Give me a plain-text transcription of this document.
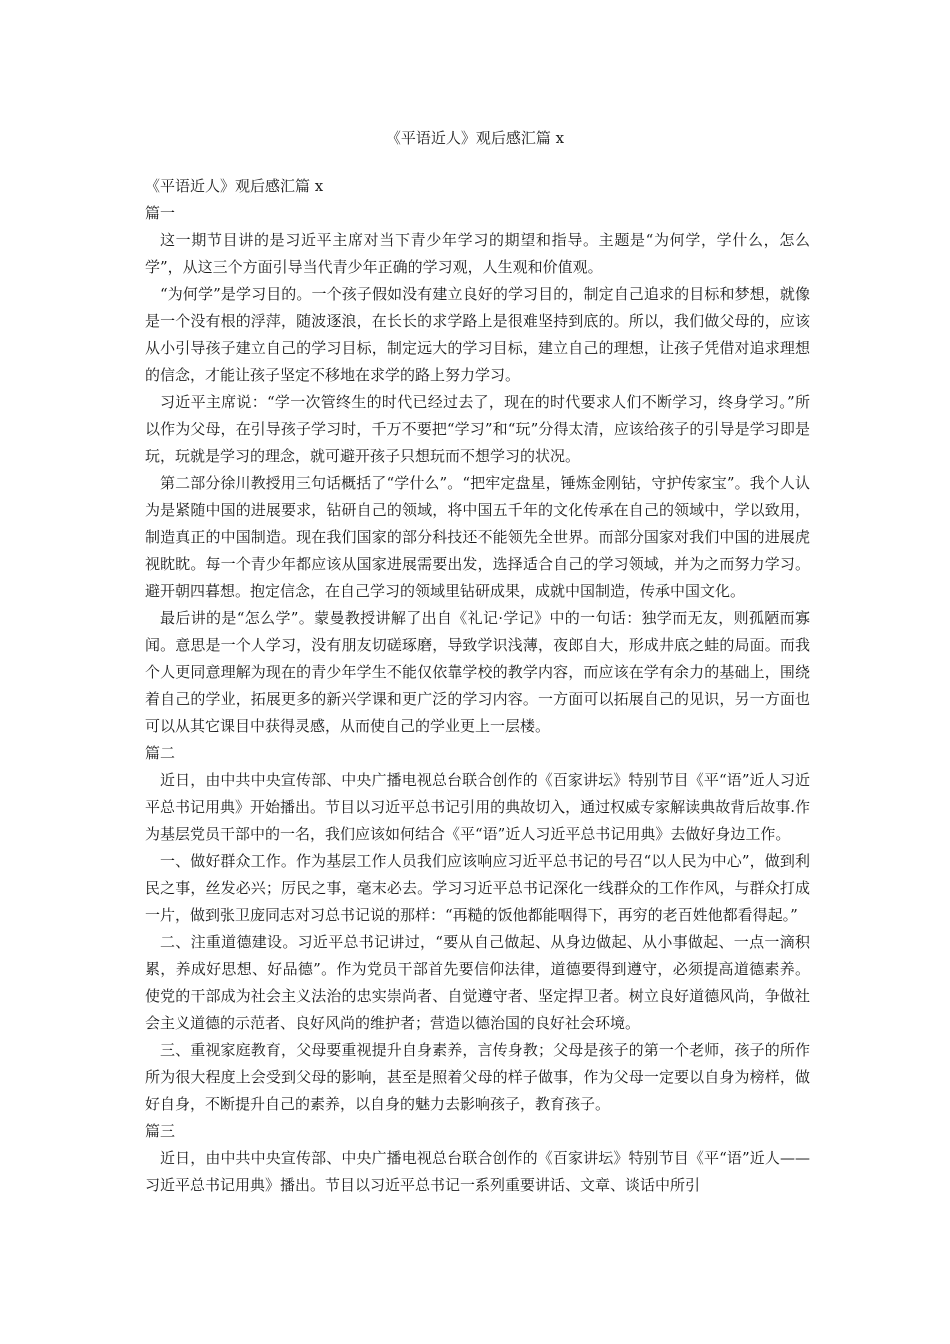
《平语近人》观后感汇篇 x

《平语近人》观后感汇篇 x

篇一

这一期节目讲的是习近平主席对当下青少年学习的期望和指导。主题是“为何学，学什么，怎么学”，从这三个方面引导当代青少年正确的学习观，人生观和价值观。

“为何学”是学习目的。一个孩子假如没有建立良好的学习目的，制定自己追求的目标和梦想，就像是一个没有根的浮萍，随波逐浪，在长长的求学路上是很难坚持到底的。所以，我们做父母的，应该从小引导孩子建立自己的学习目标，制定远大的学习目标，建立自己的理想，让孩子凭借对追求理想的信念，才能让孩子坚定不移地在求学的路上努力学习。

习近平主席说：“学一次管终生的时代已经过去了，现在的时代要求人们不断学习，终身学习。”所以作为父母，在引导孩子学习时，千万不要把“学习”和“玩”分得太清，应该给孩子的引导是学习即是玩，玩就是学习的理念，就可避开孩子只想玩而不想学习的状况。

第二部分徐川教授用三句话概括了“学什么”。“把牢定盘星，锤炼金刚钻，守护传家宝”。我个人认为是紧随中国的进展要求，钻研自己的领域，将中国五千年的文化传承在自己的领域中，学以致用，制造真正的中国制造。现在我们国家的部分科技还不能领先全世界。而部分国家对我们中国的进展虎视眈眈。每一个青少年都应该从国家进展需要出发，选择适合自己的学习领域，并为之而努力学习。避开朝四暮想。抱定信念，在自己学习的领域里钻研成果，成就中国制造，传承中国文化。

最后讲的是“怎么学”。蒙曼教授讲解了出自《礼记·学记》中的一句话：独学而无友，则孤陋而寡闻。意思是一个人学习，没有朋友切磋琢磨，导致学识浅薄，夜郎自大，形成井底之蛙的局面。而我个人更同意理解为现在的青少年学生不能仅依靠学校的教学内容，而应该在学有余力的基础上，围绕着自己的学业，拓展更多的新兴学课和更广泛的学习内容。一方面可以拓展自己的见识，另一方面也可以从其它课目中获得灵感，从而使自己的学业更上一层楼。

篇二

近日，由中共中央宣传部、中央广播电视总台联合创作的《百家讲坛》特别节目《平“语”近人习近平总书记用典》开始播出。节目以习近平总书记引用的典故切入，通过权威专家解读典故背后故事.作为基层党员干部中的一名，我们应该如何结合《平“语”近人习近平总书记用典》去做好身边工作。

一、做好群众工作。作为基层工作人员我们应该响应习近平总书记的号召“以人民为中心”，做到利民之事，丝发必兴；厉民之事，毫末必去。学习习近平总书记深化一线群众的工作作风，与群众打成一片，做到张卫庞同志对习总书记说的那样：“再糙的饭他都能咽得下，再穷的老百姓他都看得起。”

二、注重道德建设。习近平总书记讲过，“要从自己做起、从身边做起、从小事做起、一点一滴积累，养成好思想、好品德”。作为党员干部首先要信仰法律，道德要得到遵守，必须提高道德素养。使党的干部成为社会主义法治的忠实崇尚者、自觉遵守者、坚定捍卫者。树立良好道德风尚，争做社会主义道德的示范者、良好风尚的维护者；营造以德治国的良好社会环境。

三、重视家庭教育，父母要重视提升自身素养，言传身教；父母是孩子的第一个老师，孩子的所作所为很大程度上会受到父母的影响，甚至是照着父母的样子做事，作为父母一定要以自身为榜样，做好自身，不断提升自己的素养，以自身的魅力去影响孩子，教育孩子。

篇三

近日，由中共中央宣传部、中央广播电视总台联合创作的《百家讲坛》特别节目《平“语”近人——习近平总书记用典》播出。节目以习近平总书记一系列重要讲话、文章、谈话中所引
